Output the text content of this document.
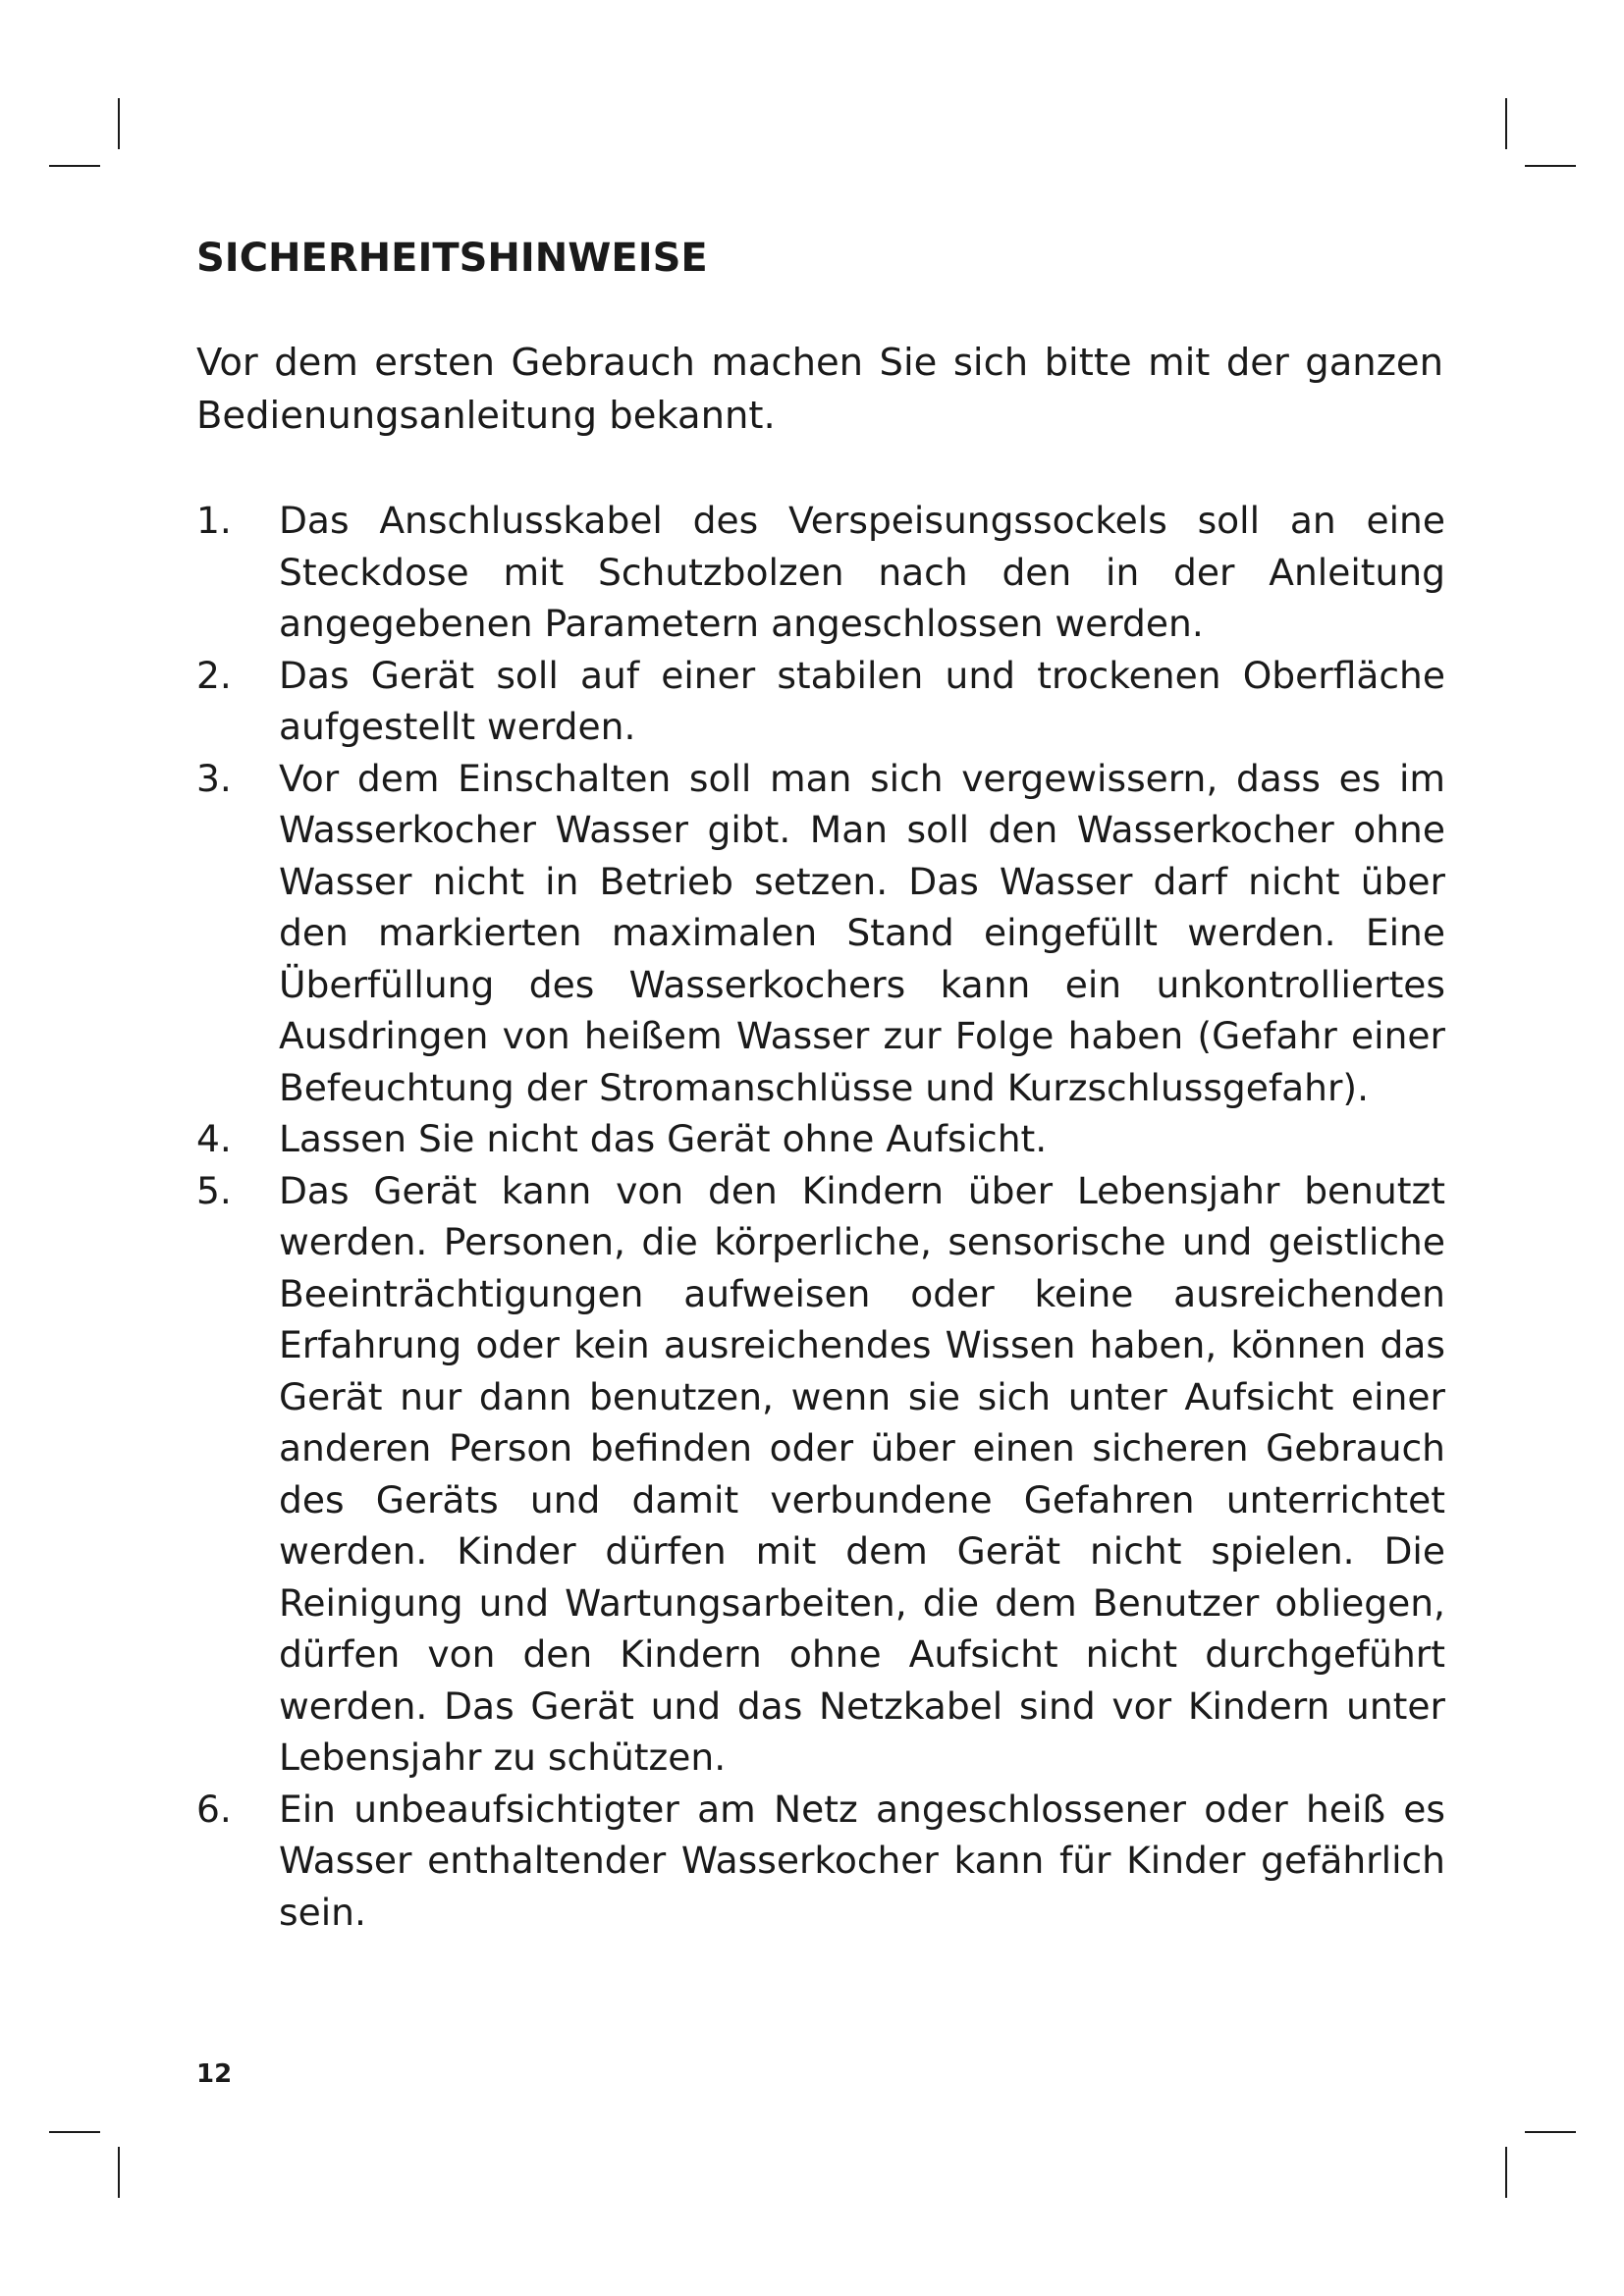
SICHERHEITSHINWEISE

Vor dem ersten Gebrauch machen Sie sich bitte mit der ganzen Bedienungsanleitung bekannt.

1. Das Anschlusskabel des Verspeisungssockels soll an eine Steckdose mit Schutzbolzen nach den in der Anleitung angegebenen Parametern angeschlossen werden.
2. Das Gerät soll auf einer stabilen und trockenen Oberfläche aufgestellt werden.
3. Vor dem Einschalten soll man sich vergewissern, dass es im Wasserkocher Wasser gibt. Man soll den Wasserkocher ohne Wasser nicht in Betrieb setzen. Das Wasser darf nicht über den markierten maximalen Stand eingefüllt werden. Eine Überfüllung des Wasserkochers kann ein unkontrolliertes Ausdringen von heißem Wasser zur Folge haben (Gefahr einer Befeuchtung der Stromanschlüsse und Kurzschlussgefahr).
4. Lassen Sie nicht das Gerät ohne Aufsicht.
5. Das Gerät kann von den Kindern über Lebensjahr benutzt werden. Personen, die körperliche, sensorische und geistliche Beeinträchtigungen aufweisen oder keine ausreichenden Erfahrung oder kein ausreichendes Wissen haben, können das Gerät nur dann benutzen, wenn sie sich unter Aufsicht einer anderen Person befinden oder über einen sicheren Gebrauch des Geräts und damit verbundene Gefahren unterrichtet werden. Kinder dürfen mit dem Gerät nicht spielen. Die Reinigung und Wartungsarbeiten, die dem Benutzer obliegen, dürfen von den Kindern ohne Aufsicht nicht durchgeführt werden. Das Gerät und das Netzkabel sind vor Kindern unter Lebensjahr zu schützen.
6. Ein unbeaufsichtigter am Netz angeschlossener oder heiß es Wasser enthaltender Wasserkocher kann für Kinder gefährlich sein.
12
